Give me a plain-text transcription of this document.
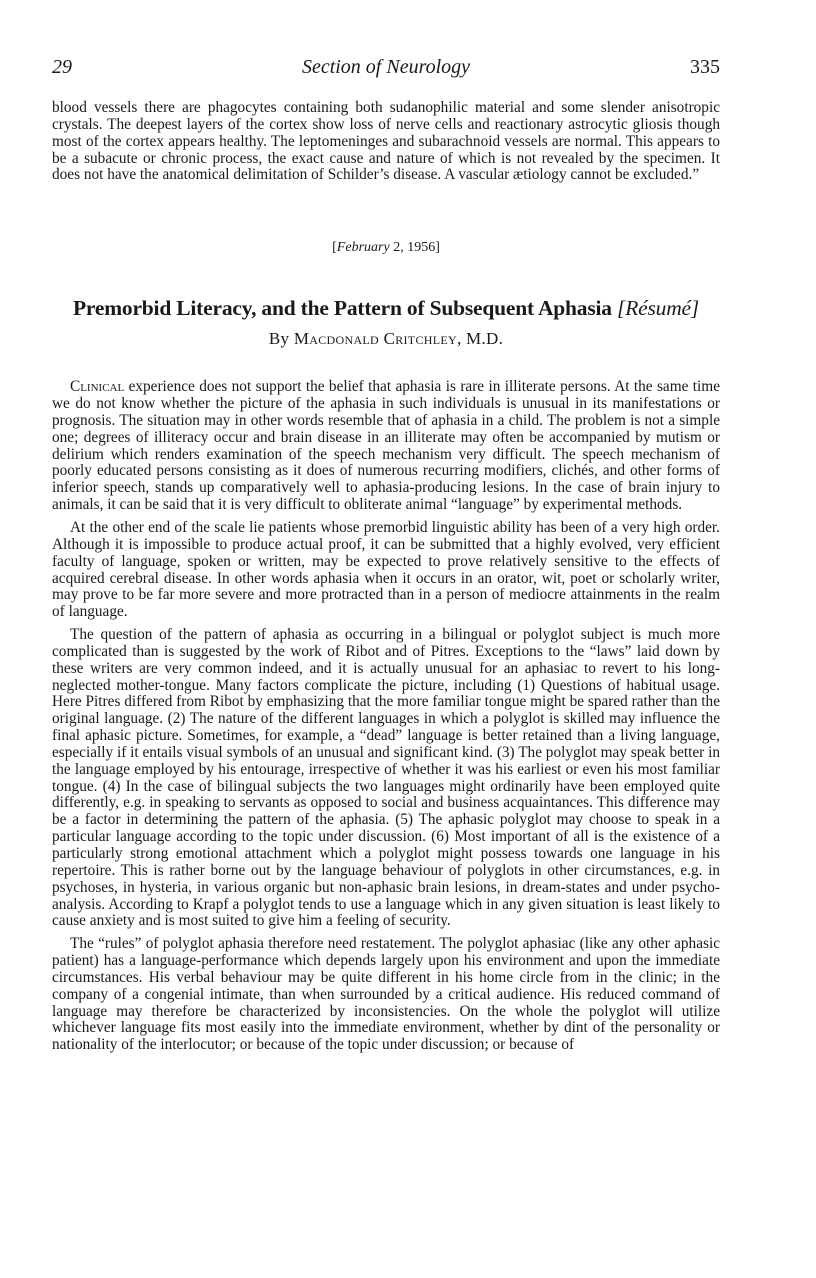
29	Section of Neurology	335

blood vessels there are phagocytes containing both sudanophilic material and some slender anisotropic crystals. The deepest layers of the cortex show loss of nerve cells and reactionary astrocytic gliosis though most of the cortex appears healthy. The leptomeninges and subarachnoid vessels are normal. This appears to be a subacute or chronic process, the exact cause and nature of which is not revealed by the specimen. It does not have the anatomical delimitation of Schilder’s disease. A vascular ætiology cannot be excluded.”

[February 2, 1956]
Premorbid Literacy, and the Pattern of Subsequent Aphasia [Résumé]
By Macdonald Critchley, M.D.

Clinical experience does not support the belief that aphasia is rare in illiterate persons. At the same time we do not know whether the picture of the aphasia in such individuals is unusual in its manifestations or prognosis. The situation may in other words resemble that of aphasia in a child. The problem is not a simple one; degrees of illiteracy occur and brain disease in an illiterate may often be accompanied by mutism or delirium which renders examination of the speech mechanism very difficult. The speech mechanism of poorly educated persons consisting as it does of numerous recurring modifiers, clichés, and other forms of inferior speech, stands up comparatively well to aphasia-producing lesions. In the case of brain injury to animals, it can be said that it is very difficult to obliterate animal “language” by experimental methods.

At the other end of the scale lie patients whose premorbid linguistic ability has been of a very high order. Although it is impossible to produce actual proof, it can be submitted that a highly evolved, very efficient faculty of language, spoken or written, may be expected to prove relatively sensitive to the effects of acquired cerebral disease. In other words aphasia when it occurs in an orator, wit, poet or scholarly writer, may prove to be far more severe and more protracted than in a person of mediocre attainments in the realm of language.

The question of the pattern of aphasia as occurring in a bilingual or polyglot subject is much more complicated than is suggested by the work of Ribot and of Pitres. Exceptions to the “laws” laid down by these writers are very common indeed, and it is actually unusual for an aphasiac to revert to his long-neglected mother-tongue. Many factors complicate the picture, including (1) Questions of habitual usage. Here Pitres differed from Ribot by emphasizing that the more familiar tongue might be spared rather than the original language. (2) The nature of the different languages in which a polyglot is skilled may influence the final aphasic picture. Sometimes, for example, a “dead” language is better retained than a living language, especially if it entails visual symbols of an unusual and significant kind. (3) The polyglot may speak better in the language employed by his entourage, irrespective of whether it was his earliest or even his most familiar tongue. (4) In the case of bilingual subjects the two languages might ordinarily have been employed quite differently, e.g. in speaking to servants as opposed to social and business acquaintances. This difference may be a factor in determining the pattern of the aphasia. (5) The aphasic polyglot may choose to speak in a particular language according to the topic under discussion. (6) Most important of all is the existence of a particularly strong emotional attachment which a polyglot might possess towards one language in his repertoire. This is rather borne out by the language behaviour of polyglots in other circumstances, e.g. in psychoses, in hysteria, in various organic but non-aphasic brain lesions, in dream-states and under psycho-analysis. According to Krapf a polyglot tends to use a language which in any given situation is least likely to cause anxiety and is most suited to give him a feeling of security.

The “rules” of polyglot aphasia therefore need restatement. The polyglot aphasiac (like any other aphasic patient) has a language-performance which depends largely upon his environment and upon the immediate circumstances. His verbal behaviour may be quite different in his home circle from in the clinic; in the company of a congenial intimate, than when surrounded by a critical audience. His reduced command of language may therefore be characterized by inconsistencies. On the whole the polyglot will utilize whichever language fits most easily into the immediate environment, whether by dint of the personality or nationality of the interlocutor; or because of the topic under discussion; or because of
